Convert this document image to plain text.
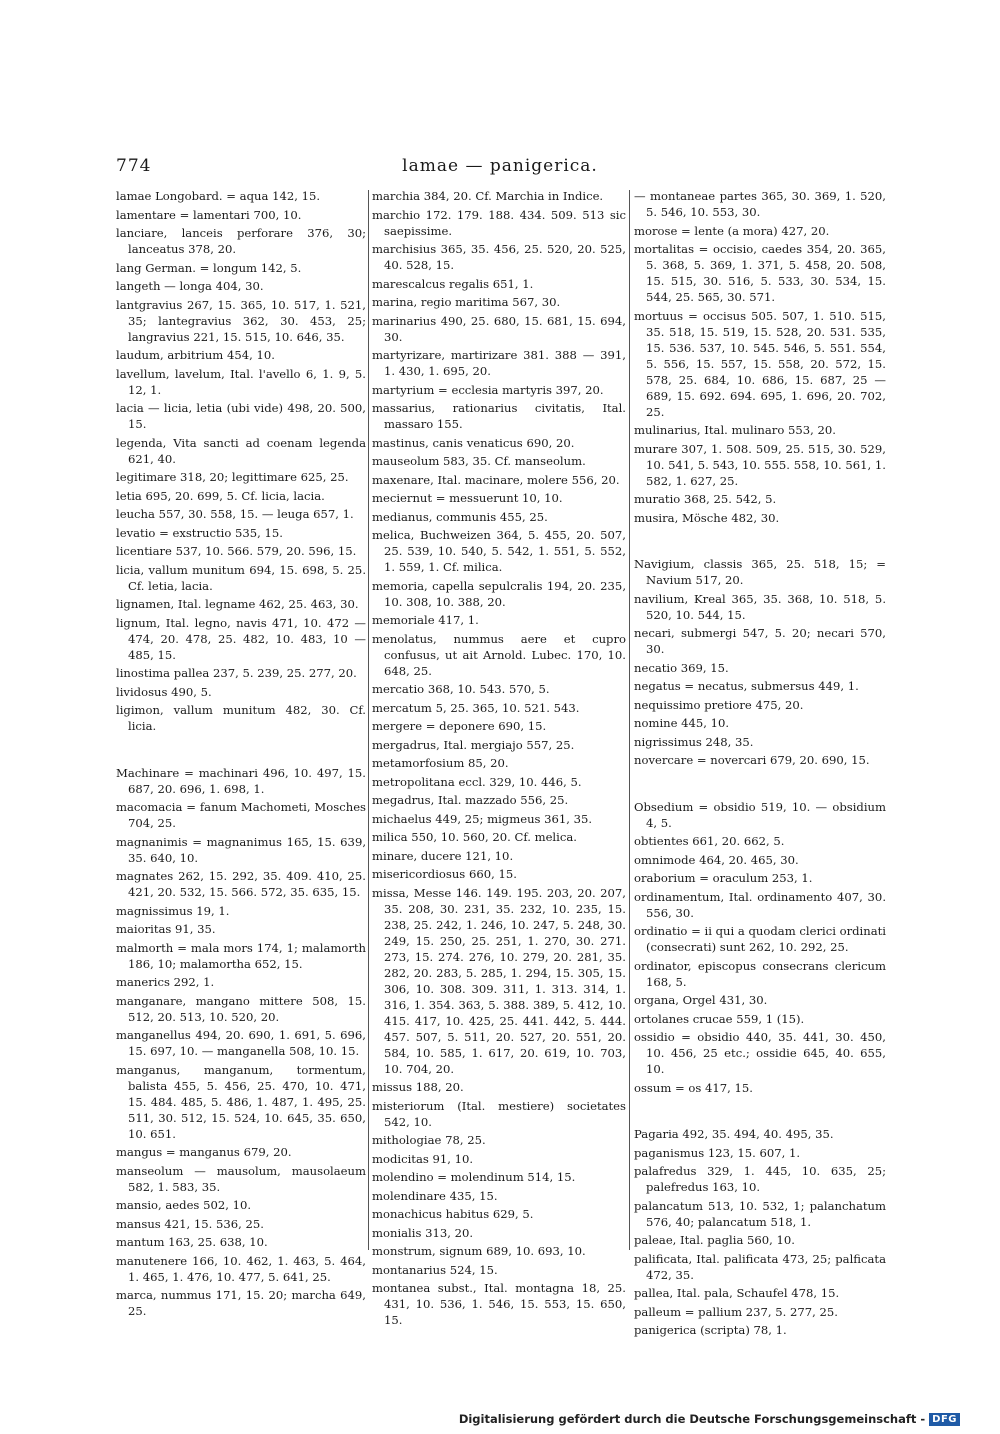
774	lamae — panigerica.

lamae Longobard. = aqua 142, 15.

lamentare = lamentari 700, 10.

lanciare, lanceis perforare 376, 30; lanceatus 378, 20.

lang German. = longum 142, 5.

langeth — longa 404, 30.

lantgravius 267, 15. 365, 10. 517, 1. 521, 35; lantegravius 362, 30. 453, 25; langravius 221, 15. 515, 10. 646, 35.

laudum, arbitrium 454, 10.

lavellum, lavelum, Ital. l'avello 6, 1. 9, 5. 12, 1.

lacia — licia, letia (ubi vide) 498, 20. 500, 15.

legenda, Vita sancti ad coenam legenda 621, 40.

legitimare 318, 20; legittimare 625, 25.

letia 695, 20. 699, 5. Cf. licia, lacia.

leucha 557, 30. 558, 15. — leuga 657, 1.

levatio = exstructio 535, 15.

licentiare 537, 10. 566. 579, 20. 596, 15.

licia, vallum munitum 694, 15. 698, 5. 25. Cf. letia, lacia.

lignamen, Ital. legname 462, 25. 463, 30.

lignum, Ital. legno, navis 471, 10. 472 — 474, 20. 478, 25. 482, 10. 483, 10 — 485, 15.

linostima pallea 237, 5. 239, 25. 277, 20.

lividosus 490, 5.

ligimon, vallum munitum 482, 30. Cf. licia.

Machinare = machinari 496, 10. 497, 15. 687, 20. 696, 1. 698, 1.

macomacia = fanum Machometi, Mosches 704, 25.

magnanimis = magnanimus 165, 15. 639, 35. 640, 10.

magnates 262, 15. 292, 35. 409. 410, 25. 421, 20. 532, 15. 566. 572, 35. 635, 15.

magnissimus 19, 1.

maioritas 91, 35.

malmorth = mala mors 174, 1; malamorth 186, 10; malamortha 652, 15.

manerics 292, 1.

manganare, mangano mittere 508, 15. 512, 20. 513, 10. 520, 20.

manganellus 494, 20. 690, 1. 691, 5. 696, 15. 697, 10. — manganella 508, 10. 15.

manganus, manganum, tormentum, balista 455, 5. 456, 25. 470, 10. 471, 15. 484. 485, 5. 486, 1. 487, 1. 495, 25. 511, 30. 512, 15. 524, 10. 645, 35. 650, 10. 651.

mangus = manganus 679, 20.

manseolum — mausolum, mausolaeum 582, 1. 583, 35.

mansio, aedes 502, 10.

mansus 421, 15. 536, 25.

mantum 163, 25. 638, 10.

manutenere 166, 10. 462, 1. 463, 5. 464, 1. 465, 1. 476, 10. 477, 5. 641, 25.

marca, nummus 171, 15. 20; marcha 649, 25.

marchia 384, 20. Cf. Marchia in Indice.

marchio 172. 179. 188. 434. 509. 513 sic saepissime.

marchisius 365, 35. 456, 25. 520, 20. 525, 40. 528, 15.

marescalcus regalis 651, 1.

marina, regio maritima 567, 30.

marinarius 490, 25. 680, 15. 681, 15. 694, 30.

martyrizare, martirizare 381. 388 — 391, 1. 430, 1. 695, 20.

martyrium = ecclesia martyris 397, 20.

massarius, rationarius civitatis, Ital. massaro 155.

mastinus, canis venaticus 690, 20.

mauseolum 583, 35. Cf. manseolum.

maxenare, Ital. macinare, molere 556, 20.

meciernut = messuerunt 10, 10.

medianus, communis 455, 25.

melica, Buchweizen 364, 5. 455, 20. 507, 25. 539, 10. 540, 5. 542, 1. 551, 5. 552, 1. 559, 1. Cf. milica.

memoria, capella sepulcralis 194, 20. 235, 10. 308, 10. 388, 20.

memoriale 417, 1.

menolatus, nummus aere et cupro confusus, ut ait Arnold. Lubec. 170, 10. 648, 25.

mercatio 368, 10. 543. 570, 5.

mercatum 5, 25. 365, 10. 521. 543.

mergere = deponere 690, 15.

mergadrus, Ital. mergiajo 557, 25.

metamorfosium 85, 20.

metropolitana eccl. 329, 10. 446, 5.

megadrus, Ital. mazzado 556, 25.

michaelus 449, 25; migmeus 361, 35.

milica 550, 10. 560, 20. Cf. melica.

minare, ducere 121, 10.

misericordiosus 660, 15.

missa, Messe 146. 149. 195. 203, 20. 207, 35. 208, 30. 231, 35. 232, 10. 235, 15. 238, 25. 242, 1. 246, 10. 247, 5. 248, 30. 249, 15. 250, 25. 251, 1. 270, 30. 271. 273, 15. 274. 276, 10. 279, 20. 281, 35. 282, 20. 283, 5. 285, 1. 294, 15. 305, 15. 306, 10. 308. 309. 311, 1. 313. 314, 1. 316, 1. 354. 363, 5. 388. 389, 5. 412, 10. 415. 417, 10. 425, 25. 441. 442, 5. 444. 457. 507, 5. 511, 20. 527, 20. 551, 20. 584, 10. 585, 1. 617, 20. 619, 10. 703, 10. 704, 20.

missus 188, 20.

misteriorum (Ital. mestiere) societates 542, 10.

mithologiae 78, 25.

modicitas 91, 10.

molendino = molendinum 514, 15.

molendinare 435, 15.

monachicus habitus 629, 5.

monialis 313, 20.

monstrum, signum 689, 10. 693, 10.

montanarius 524, 15.

montanea subst., Ital. montagna 18, 25. 431, 10. 536, 1. 546, 15. 553, 15. 650, 15.

— montaneae partes 365, 30. 369, 1. 520, 5. 546, 10. 553, 30.

morose = lente (a mora) 427, 20.

mortalitas = occisio, caedes 354, 20. 365, 5. 368, 5. 369, 1. 371, 5. 458, 20. 508, 15. 515, 30. 516, 5. 533, 30. 534, 15. 544, 25. 565, 30. 571.

mortuus = occisus 505. 507, 1. 510. 515, 35. 518, 15. 519, 15. 528, 20. 531. 535, 15. 536. 537, 10. 545. 546, 5. 551. 554, 5. 556, 15. 557, 15. 558, 20. 572, 15. 578, 25. 684, 10. 686, 15. 687, 25 — 689, 15. 692. 694. 695, 1. 696, 20. 702, 25.

mulinarius, Ital. mulinaro 553, 20.

murare 307, 1. 508. 509, 25. 515, 30. 529, 10. 541, 5. 543, 10. 555. 558, 10. 561, 1. 582, 1. 627, 25.

muratio 368, 25. 542, 5.

musira, Mösche 482, 30.

Navigium, classis 365, 25. 518, 15; = Navium 517, 20.

navilium, Kreal 365, 35. 368, 10. 518, 5. 520, 10. 544, 15.

necari, submergi 547, 5. 20; necari 570, 30.

necatio 369, 15.

negatus = necatus, submersus 449, 1.

nequissimo pretiore 475, 20.

nomine 445, 10.

nigrissimus 248, 35.

novercare = novercari 679, 20. 690, 15.

Obsedium = obsidio 519, 10. — obsidium 4, 5.

obtientes 661, 20. 662, 5.

omnimode 464, 20. 465, 30.

oraborium = oraculum 253, 1.

ordinamentum, Ital. ordinamento 407, 30. 556, 30.

ordinatio = ii qui a quodam clerici ordinati (consecrati) sunt 262, 10. 292, 25.

ordinator, episcopus consecrans clericum 168, 5.

organa, Orgel 431, 30.

ortolanes crucae 559, 1 (15).

ossidio = obsidio 440, 35. 441, 30. 450, 10. 456, 25 etc.; ossidie 645, 40. 655, 10.

ossum = os 417, 15.

Pagaria 492, 35. 494, 40. 495, 35.

paganismus 123, 15. 607, 1.

palafredus 329, 1. 445, 10. 635, 25; palefredus 163, 10.

palancatum 513, 10. 532, 1; palanchatum 576, 40; palancatum 518, 1.

paleae, Ital. paglia 560, 10.

palificata, Ital. palificata 473, 25; palficata 472, 35.

pallea, Ital. pala, Schaufel 478, 15.

palleum = pallium 237, 5. 277, 25.

panigerica (scripta) 78, 1.

Digitalisierung gefördert durch die Deutsche Forschungsgemeinschaft - DFG
